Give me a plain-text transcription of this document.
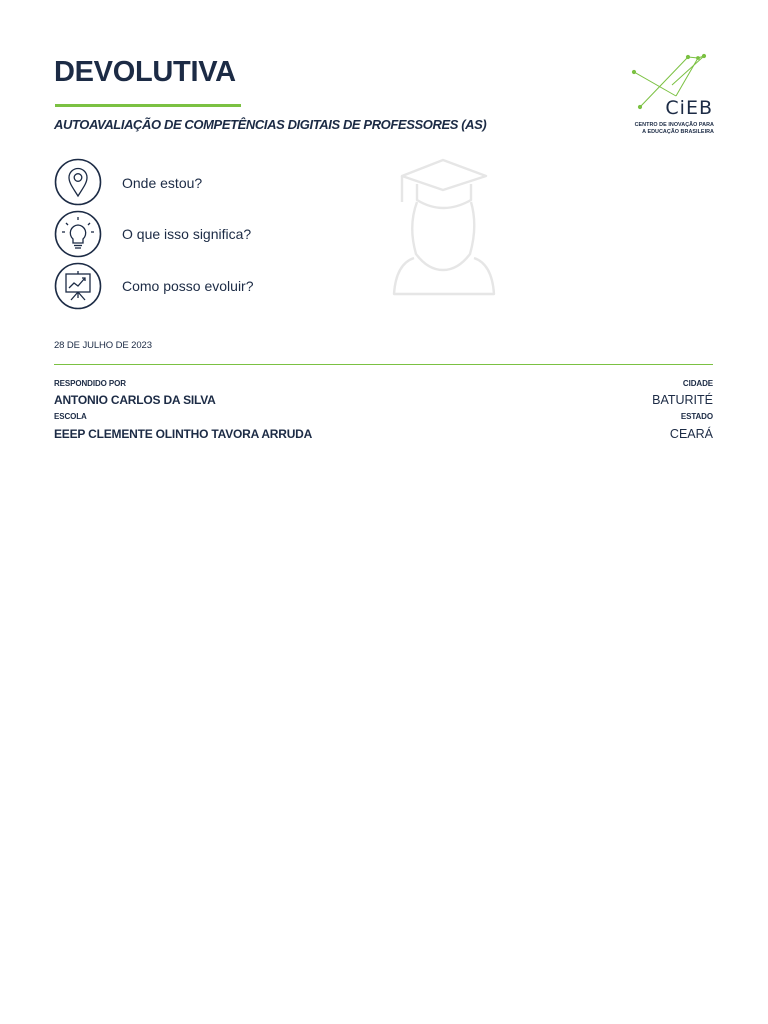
DEVOLUTIVA
AUTOAVALIAÇÃO DE COMPETÊNCIAS DIGITAIS DE PROFESSORES (AS)
CiEB
CENTRO DE INOVAÇÃO PARA
A EDUCAÇÃO BRASILEIRA
Onde estou?
O que isso significa?
Como posso evoluir?
28 DE JULHO DE 2023
RESPONDIDO POR
ANTONIO CARLOS DA SILVA
ESCOLA
EEEP CLEMENTE OLINTHO TAVORA ARRUDA
CIDADE
BATURITÉ
ESTADO
CEARÁ
